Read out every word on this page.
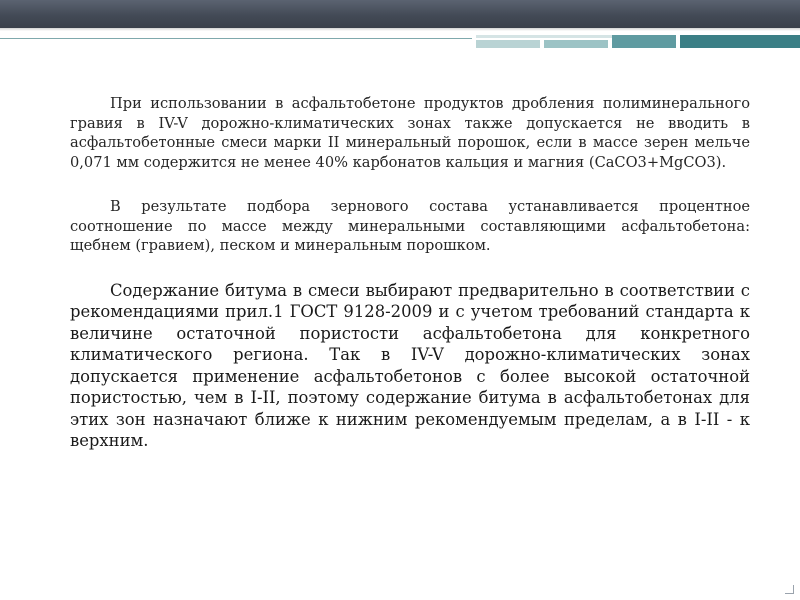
При использовании в асфальтобетоне продуктов дробления полиминерального гравия в IV-V дорожно-климатических зонах также допускается не вводить в асфальтобетонные смеси марки II минеральный порошок, если в массе зерен мельче 0,071 мм содержится не менее 40% карбонатов кальция и магния (CaCO3+MgCO3).

В результате подбора зернового состава устанавливается процентное соотношение по массе между минеральными составляющими асфальтобетона: щебнем (гравием), песком и минеральным порошком.

Содержание битума в смеси выбирают предварительно в соответствии с рекомендациями прил.1 ГОСТ 9128-2009 и с учетом требований стандарта к величине остаточной пористости асфальтобетона для конкретного климатического региона. Так в IV-V дорожно-климатических зонах допускается применение асфальтобетонов с более высокой остаточной пористостью, чем в I-II, поэтому содержание битума в асфальтобетонах для этих зон назначают ближе к нижним рекомендуемым пределам, а в I-II - к верхним.
